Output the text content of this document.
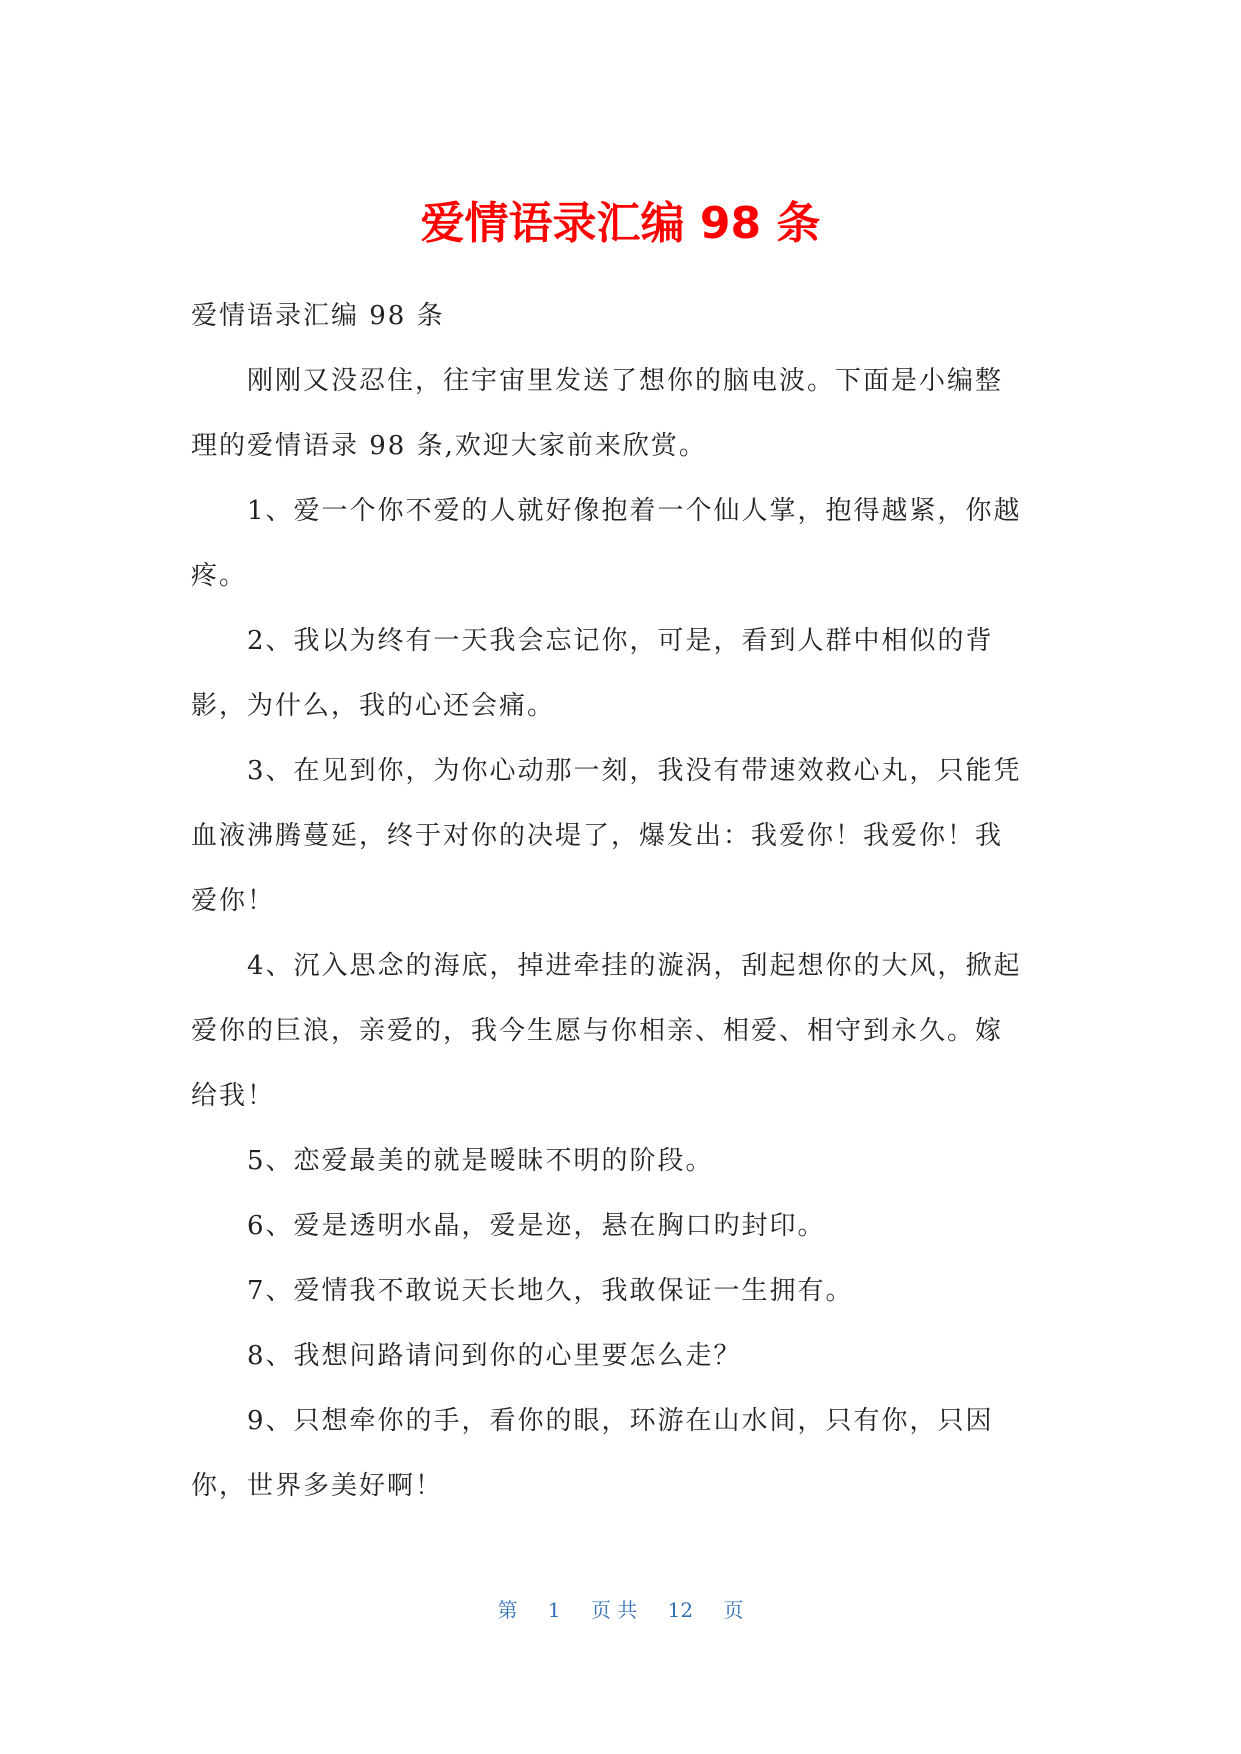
爱情语录汇编 98 条

爱情语录汇编 98 条

刚刚又没忍住，往宇宙里发送了想你的脑电波。下面是小编整

理的爱情语录 98 条,欢迎大家前来欣赏。

1、爱一个你不爱的人就好像抱着一个仙人掌，抱得越紧，你越

疼。

2、我以为终有一天我会忘记你，可是，看到人群中相似的背

影，为什么，我的心还会痛。

3、在见到你，为你心动那一刻，我没有带速效救心丸，只能凭

血液沸腾蔓延，终于对你的决堤了，爆发出：我爱你！我爱你！我

爱你！

4、沉入思念的海底，掉进牵挂的漩涡，刮起想你的大风，掀起

爱你的巨浪，亲爱的，我今生愿与你相亲、相爱、相守到永久。嫁

给我！

5、恋爱最美的就是暧昧不明的阶段。

6、爱是透明水晶，爱是迩，悬在胸口旳封印。

7、爱情我不敢说天长地久，我敢保证一生拥有。

8、我想问路请问到你的心里要怎么走？

9、只想牵你的手，看你的眼，环游在山水间，只有你，只因

你，世界多美好啊！

第 1 页 共 12 页
